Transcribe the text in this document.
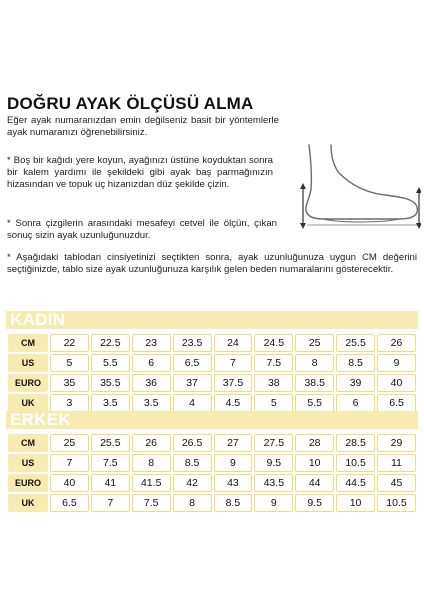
DOĞRU AYAK ÖLÇÜSÜ ALMA
Eğer ayak numaranızdan emin değilseniz basit bir yöntemlerle ayak numaranızı öğrenebilirsiniz.
* Boş bir kağıdı yere koyun, ayağınızı üstüne koyduktan sonra bir kalem yardımı ile şekildeki gibi ayak baş parmağınızın hizasından ve topuk uç hizanızdan düz şekilde çizin.
* Sonra çizgilerin arasındaki mesafeyi cetvel ile ölçün, çıkan sonuç sizin ayak uzunluğunuzdur.
* Aşağıdaki tablodan cinsiyetinizi seçtikten sonra, ayak uzunluğunuza uygun CM değerini seçtiğinizde, tablo size ayak uzunluğunuza karşılık gelen beden numaralarını gösterecektir.
KADIN
CM	22	22.5	23	23.5	24	24.5	25	25.5	26
US	5	5.5	6	6.5	7	7.5	8	8.5	9
EURO	35	35.5	36	37	37.5	38	38.5	39	40
UK	3	3.5	3.5	4	4.5	5	5.5	6	6.5
ERKEK
CM	25	25.5	26	26.5	27	27.5	28	28.5	29
US	7	7.5	8	8.5	9	9.5	10	10.5	11
EURO	40	41	41.5	42	43	43.5	44	44.5	45
UK	6.5	7	7.5	8	8.5	9	9.5	10	10.5
